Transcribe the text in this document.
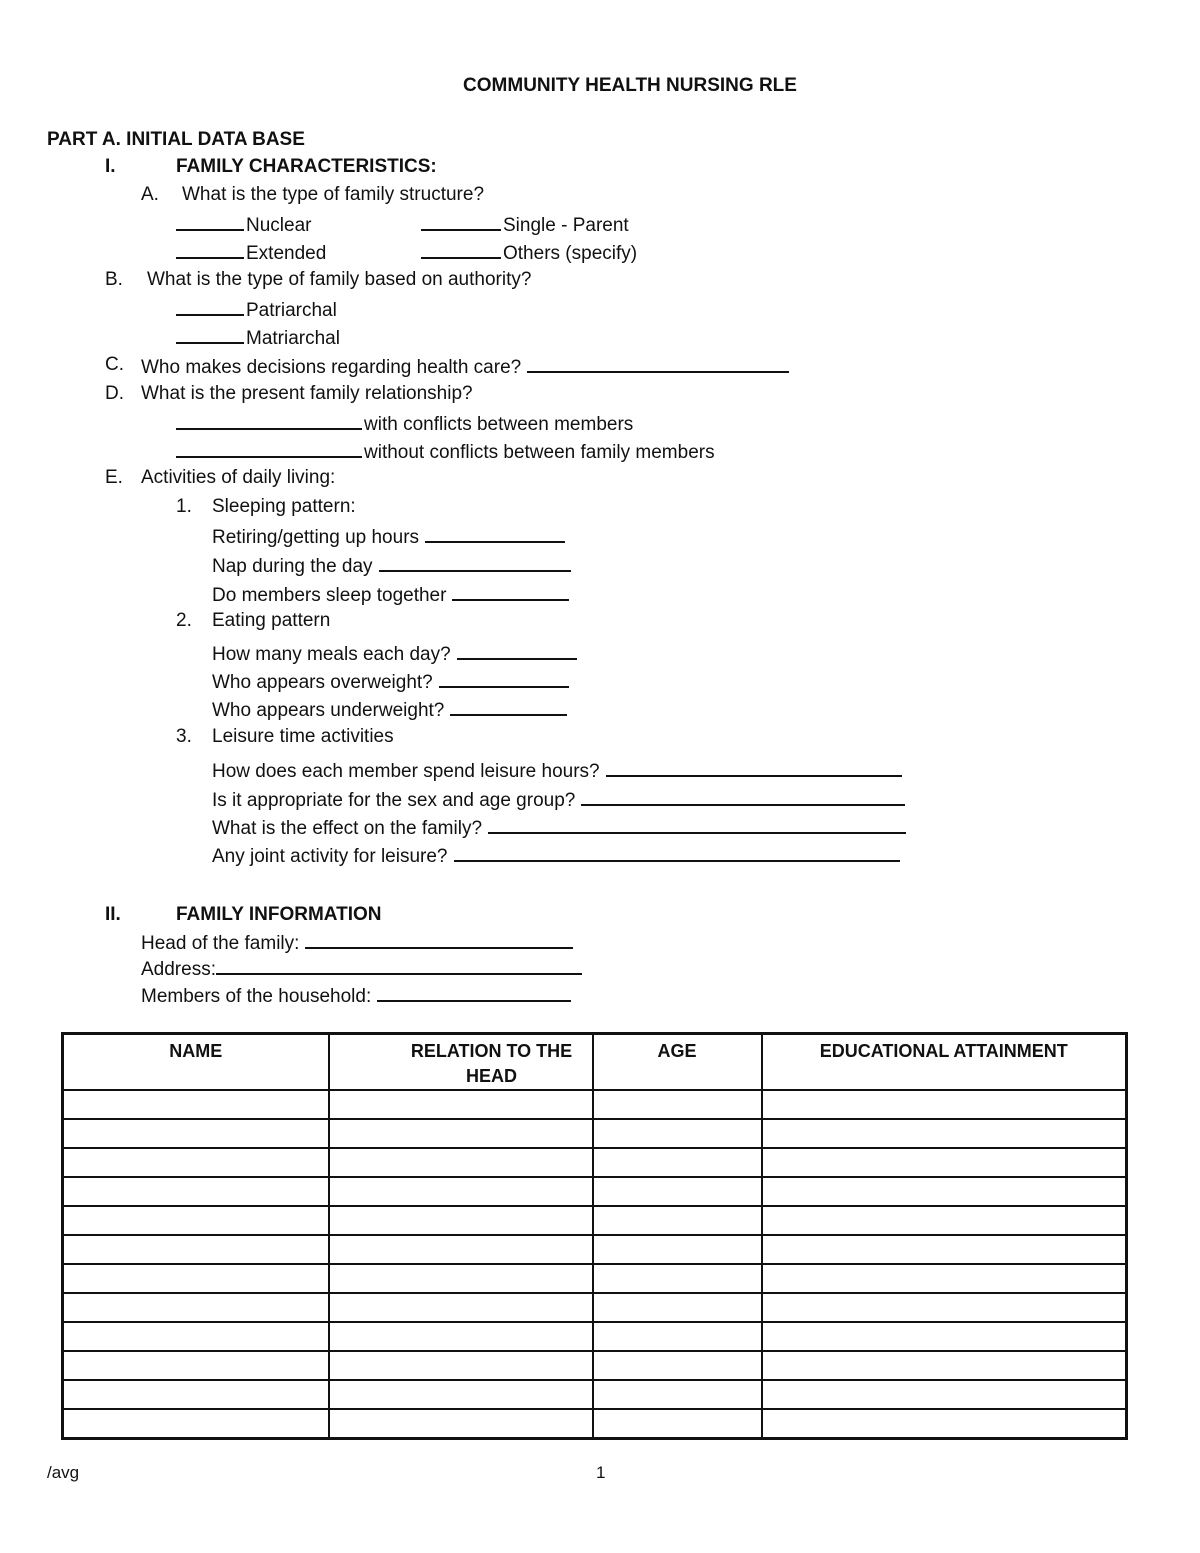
COMMUNITY HEALTH NURSING RLE
PART A. INITIAL DATA BASE
I.	FAMILY CHARACTERISTICS:
A. What is the type of family structure?
Nuclear	Single - Parent
Extended	Others (specify)
B. What is the type of family based on authority?
Patriarchal
Matriarchal
C. Who makes decisions regarding health care?
D. What is the present family relationship?
with conflicts between members
without conflicts between family members
E. Activities of daily living:
1. Sleeping pattern:
Retiring/getting up hours
Nap during the day
Do members sleep together
2. Eating pattern
How many meals each day?
Who appears overweight?
Who appears underweight?
3. Leisure time activities
How does each member spend leisure hours?
Is it appropriate for the sex and age group?
What is the effect on the family?
Any joint activity for leisure?
II.	FAMILY INFORMATION
Head of the family:
Address:
Members of the household:
NAME	RELATION TO THE HEAD	AGE	EDUCATIONAL ATTAINMENT

/avg	1
